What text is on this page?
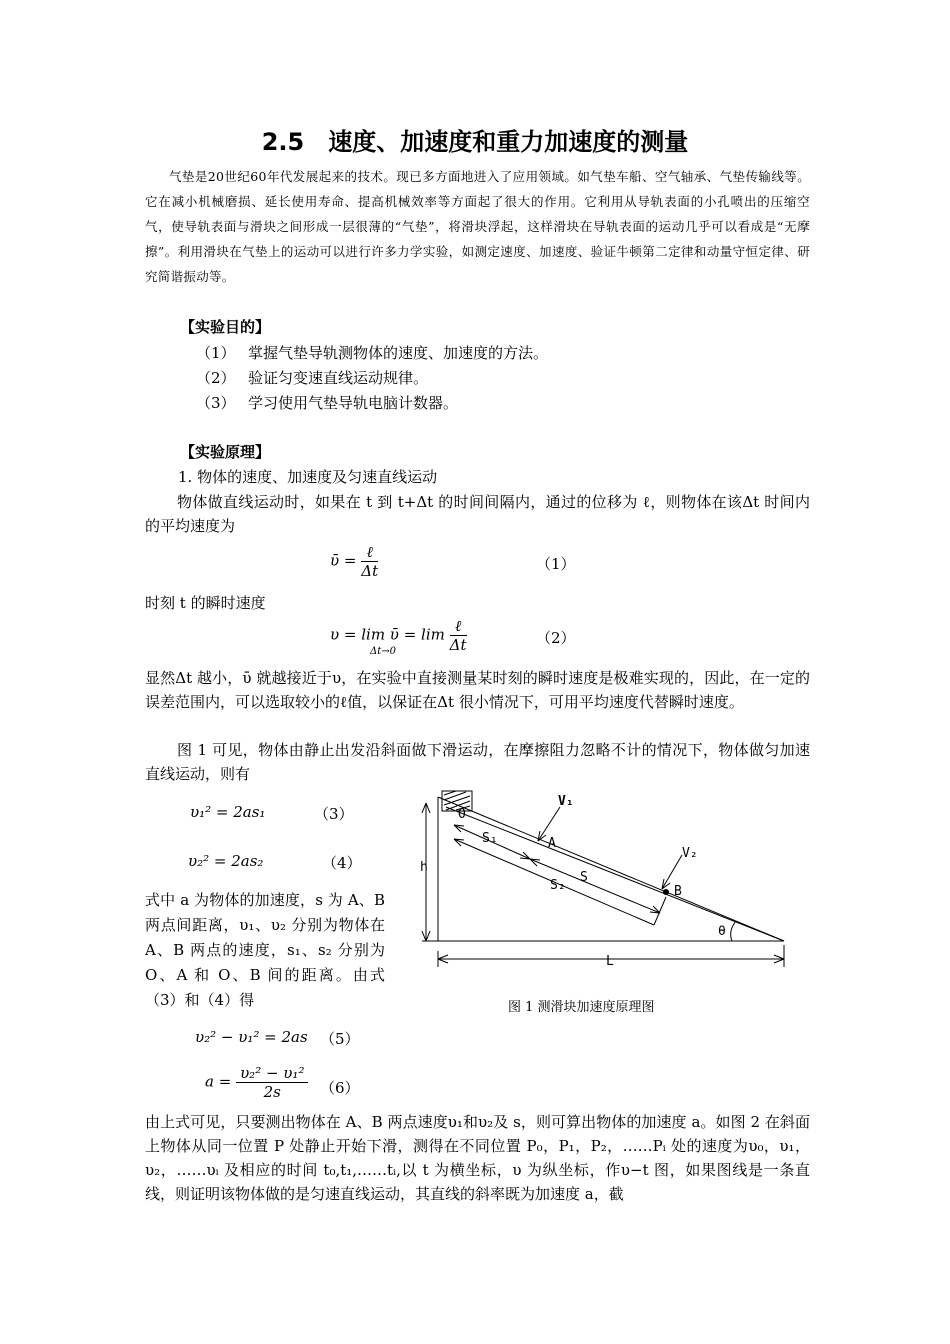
2.5　速度、加速度和重力加速度的测量
气垫是20世纪60年代发展起来的技术。现已多方面地进入了应用领域。如气垫车船、空气轴承、气垫传输线等。它在减小机械磨损、延长使用寿命、提高机械效率等方面起了很大的作用。它利用从导轨表面的小孔喷出的压缩空气，使导轨表面与滑块之间形成一层很薄的“气垫”，将滑块浮起，这样滑块在导轨表面的运动几乎可以看成是“无摩擦”。利用滑块在气垫上的运动可以进行许多力学实验，如测定速度、加速度、验证牛顿第二定律和动量守恒定律、研究简谐振动等。
【实验目的】
（1） 掌握气垫导轨测物体的速度、加速度的方法。
（2） 验证匀变速直线运动规律。
（3） 学习使用气垫导轨电脑计数器。
【实验原理】
1. 物体的速度、加速度及匀速直线运动
物体做直线运动时，如果在 t 到 t+Δt 的时间间隔内，通过的位移为 ℓ，则物体在该Δt 时间内的平均速度为
ῡ = $\frac{\text{ℓ}}{\Delta t}$	（1）
时刻 t 的瞬时速度
υ = lim ῡ = $\lim \frac{\text{ℓ}}{\Delta t}$
Δt→0
（2）
显然Δt 越小，ῡ 就越接近于υ，在实验中直接测量某时刻的瞬时速度是极难实现的，因此，在一定的误差范围内，可以选取较小的ℓ值，以保证在Δt 很小情况下，可用平均速度代替瞬时速度。
图 1 可见，物体由静止出发沿斜面做下滑运动，在摩擦阻力忽略不计的情况下，物体做匀加速直线运动，则有
υ₁² = 2as₁	（3）
υ₂² = 2as₂	（4）
式中 a 为物体的加速度，s 为 A、B 两点间距离，υ₁、υ₂ 分别为物体在 A、B 两点的速度，s₁、s₂ 分别为 O、A 和 O、B 间的距离。由式（3）和（4）得
υ₂² − υ₁² = 2as （5）
$a = \frac{\text{υ₂² − υ₁²}}{2s} (6)$
由上式可见，只要测出物体在 A、B 两点速度υ₁和υ₂及 s，则可算出物体的加速度 a。如图 2 在斜面上物体从同一位置 P 处静止开始下滑，测得在不同位置 P₀，P₁，P₂，……Pᵢ 处的速度为υ₀，υ₁，υ₂，……υᵢ 及相应的时间 t₀,t₁,……tᵢ,以 t 为横坐标，υ 为纵坐标，作υ−t 图，如果图线是一条直线，则证明该物体做的是匀速直线运动，其直线的斜率既为加速度 a，截
O
V₁
A
S₁
S
S₂
V₂
B
h
θ
L
图 1 测滑块加速度原理图
